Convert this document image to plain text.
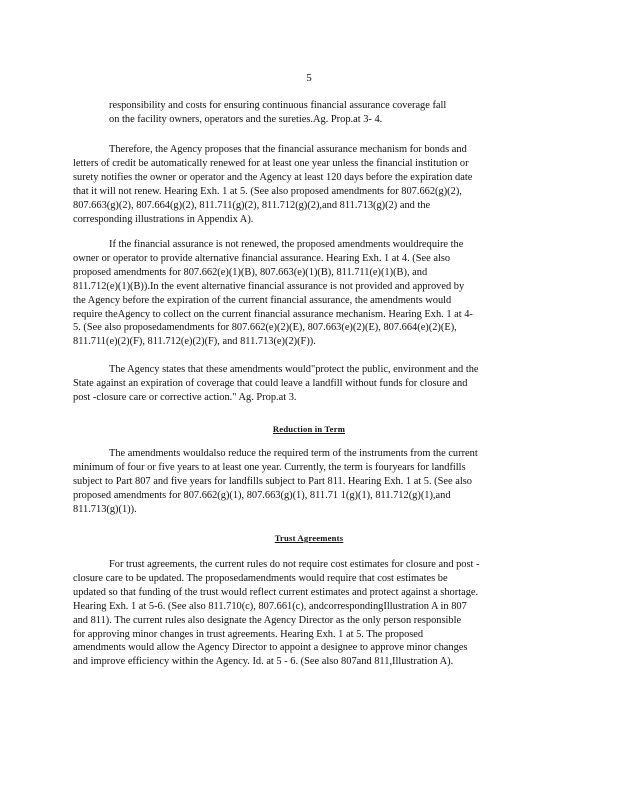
5
responsibility and costs for ensuring continuous financial assurance coverage fall
on the facility owners, operators and the sureties.Ag. Prop.at 3- 4.
Therefore, the Agency proposes that the financial assurance mechanism for bonds and
letters of credit be automatically renewed for at least one year unless the financial institution or
surety notifies the owner or operator and the Agency at least 120 days before the expiration date
that it will not renew. Hearing Exh. 1 at 5. (See also proposed amendments for 807.662(g)(2),
807.663(g)(2), 807.664(g)(2), 811.711(g)(2), 811.712(g)(2),and 811.713(g)(2) and the
corresponding illustrations in Appendix A).
If the financial assurance is not renewed, the proposed amendments wouldrequire the
owner or operator to provide alternative financial assurance. Hearing Exh. 1 at 4. (See also
proposed amendments for 807.662(e)(1)(B), 807.663(e)(1)(B), 811.711(e)(1)(B), and
811.712(e)(1)(B)).In the event alternative financial assurance is not provided and approved by
the Agency before the expiration of the current financial assurance, the amendments would
require theAgency to collect on the current financial assurance mechanism. Hearing Exh. 1 at 4-
5. (See also proposedamendments for 807.662(e)(2)(E), 807.663(e)(2)(E), 807.664(e)(2)(E),
811.711(e)(2)(F), 811.712(e)(2)(F), and 811.713(e)(2)(F)).
The Agency states that these amendments would"protect the public, environment and the
State against an expiration of coverage that could leave a landfill without funds for closure and
post -closure care or corrective action." Ag. Prop.at 3.
Reduction in Term
The amendments wouldalso reduce the required term of the instruments from the current
minimum of four or five years to at least one year. Currently, the term is fouryears for landfills
subject to Part 807 and five years for landfills subject to Part 811. Hearing Exh. 1 at 5. (See also
proposed amendments for 807.662(g)(1), 807.663(g)(1), 811.71 1(g)(1), 811.712(g)(1),and
811.713(g)(1)).
Trust Agreements
For trust agreements, the current rules do not require cost estimates for closure and post -
closure care to be updated. The proposedamendments would require that cost estimates be
updated so that funding of the trust would reflect current estimates and protect against a shortage.
Hearing Exh. 1 at 5-6. (See also 811.710(c), 807.661(c), andcorrespondingIllustration A in 807
and 811). The current rules also designate the Agency Director as the only person responsible
for approving minor changes in trust agreements. Hearing Exh. 1 at 5. The proposed
amendments would allow the Agency Director to appoint a designee to approve minor changes
and improve efficiency within the Agency. Id. at 5 - 6. (See also 807and 811,Illustration A).
